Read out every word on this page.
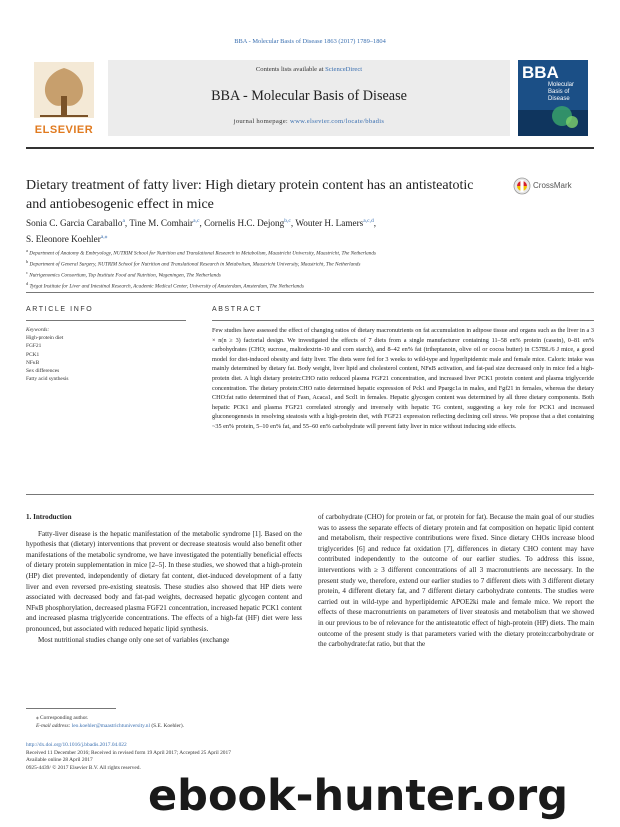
BBA - Molecular Basis of Disease 1863 (2017) 1789–1804
ELSEVIER
Contents lists available at ScienceDirect
BBA - Molecular Basis of Disease
journal homepage: www.elsevier.com/locate/bbadis
BBA
Molecular
Basis of
Disease
Dietary treatment of fatty liver: High dietary protein content has an antisteatotic and antiobesogenic effect in mice
CrossMark
Sonia C. Garcia Caraballo$^a$, Tine M. Comhair$^{a,c}$, Cornelis H.C. Dejong$^{b,c}$, Wouter H. Lamers$^{a,c,d}$,
S. Eleonore Koehler$^{a,⁎}$
$^a$ Department of Anatomy & Embryology, NUTRIM School for Nutrition and Translational Research in Metabolism, Maastricht University, Maastricht, The Netherlands
$^b$ Department of General Surgery, NUTRIM School for Nutrition and Translational Research in Metabolism, Maastricht University, Maastricht, The Netherlands
$^c$ Nutrigenomics Consortium, Top Institute Food and Nutrition, Wageningen, The Netherlands
$^d$ Tytgat Institute for Liver and Intestinal Research, Academic Medical Center, University of Amsterdam, Amsterdam, The Netherlands
ARTICLE INFO	ABSTRACT
Keywords:
High-protein diet
FGF21
PCK1
NFκB
Sex differences
Fatty acid synthesis
Few studies have assessed the effect of changing ratios of dietary macronutrients on fat accumulation in adipose tissue and organs such as the liver in a 3 × n(n ≥ 3) factorial design. We investigated the effects of 7 diets from a single manufacturer containing 11–58 en% protein (casein), 0–81 en% carbohydrates (CHO; sucrose, maltodextrin-10 and corn starch), and 8–42 en% fat (triheptanoin, olive oil or cocoa butter) in C57BL/6 J mice, a good model for diet-induced obesity and fatty liver. The diets were fed for 3 weeks to wild-type and hyperlipidemic male and female mice. Caloric intake was mainly determined by dietary fat. Body weight, liver lipid and cholesterol content, NFκB activation, and fat-pad size decreased only in mice fed a high-protein diet. A high dietary protein:CHO ratio reduced plasma FGF21 concentration, and increased liver PCK1 protein content and plasma triglyceride concentration. The dietary protein:CHO ratio determined hepatic expression of Pck1 and Ppargc1a in males, and Fgf21 in females, whereas the dietary CHO:fat ratio determined that of Fasn, Acaca1, and Scd1 in females. Hepatic glycogen content was determined by all three dietary components. Both hepatic PCK1 and plasma FGF21 correlated strongly and inversely with hepatic TG content, suggesting a key role for PCK1 and increased gluconeogenesis in resolving steatosis with a high-protein diet, with FGF21 expression reflecting declining cell stress. We propose that a diet containing ~35 en% protein, 5–10 en% fat, and 55–60 en% carbohydrate will prevent fatty liver in mice without inducing side effects.
1. Introduction

Fatty-liver disease is the hepatic manifestation of the metabolic syndrome [1]. Based on the hypothesis that (dietary) interventions that prevent or decrease steatosis would also benefit other manifestations of the metabolic syndrome, we have investigated the potentially beneficial effects of dietary protein supplementation in mice [2–5]. In these studies, we showed that a high-protein (HP) diet prevented, independently of dietary fat content, diet-induced development of a fatty liver and even reversed pre-existing steatosis. These studies also showed that HP diets were associated with decreased body and fat-pad weights, decreased hepatic glycogen content and NFκB phosphorylation, decreased plasma FGF21 concentration, increased hepatic PCK1 content and increased plasma triglyceride concentrations. The effects of a high-fat (HF) diet were less pronounced, but associated with reduced hepatic lipid synthesis.

Most nutritional studies change only one set of variables (exchange

of carbohydrate (CHO) for protein or fat, or protein for fat). Because the main goal of our studies was to assess the separate effects of dietary protein and fat composition on hepatic lipid content and metabolism, their respective contributions were fixed. Since dietary CHOs increase blood triglycerides [6] and reduce fat oxidation [7], differences in dietary CHO content may have contributed independently to the outcome of our earlier studies. To address this issue, interventions with ≥ 3 different concentrations of all 3 macronutrients are necessary. In the present study we, therefore, extend our earlier studies to 7 different diets with 3 different dietary protein, 4 different dietary fat, and 7 different dietary carbohydrate contents. The studies were carried out in wild-type and hyperlipidemic APOE2ki male and female mice. We report the effects of these macronutrients on parameters of liver steatosis and metabolism that we showed in our previous to be of relevance for the antisteatotic effect of high-protein (HP) diets. The main outcome of the present study is that parameters varied with the dietary protein:carbohydrate or the carbohydrate:fat ratio, but that the

⁎ Corresponding author.
E-mail address: leo.koehler@maastrichtuniversity.nl (S.E. Koehler).
http://dx.doi.org/10.1016/j.bbadis.2017.04.022
Received 11 December 2016; Received in revised form 19 April 2017; Accepted 25 April 2017
Available online 28 April 2017
0925-4439/ © 2017 Elsevier B.V. All rights reserved.
ebook-hunter.org
